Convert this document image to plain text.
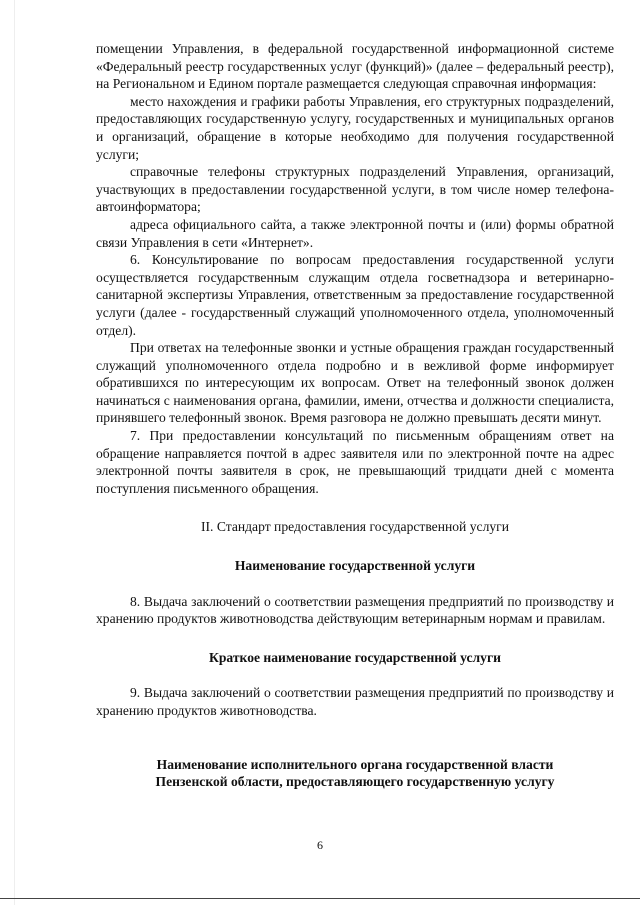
помещении Управления, в федеральной государственной информационной системе «Федеральный реестр государственных услуг (функций)» (далее – федеральный реестр), на Региональном и Едином портале размещается следующая справочная информация:

место нахождения и графики работы Управления, его структурных подразделений, предоставляющих государственную услугу, государственных и муниципальных органов и организаций, обращение в которые необходимо для получения государственной услуги;

справочные телефоны структурных подразделений Управления, организаций, участвующих в предоставлении государственной услуги, в том числе номер телефона-автоинформатора;

адреса официального сайта, а также электронной почты и (или) формы обратной связи Управления в сети «Интернет».

6. Консультирование по вопросам предоставления государственной услуги осуществляется государственным служащим отдела госветнадзора и ветеринарно-санитарной экспертизы Управления, ответственным за предоставление государственной услуги (далее - государственный служащий уполномоченного отдела, уполномоченный отдел).

При ответах на телефонные звонки и устные обращения граждан государственный служащий уполномоченного отдела подробно и в вежливой форме информирует обратившихся по интересующим их вопросам. Ответ на телефонный звонок должен начинаться с наименования органа, фамилии, имени, отчества и должности специалиста, принявшего телефонный звонок. Время разговора не должно превышать десяти минут.

7. При предоставлении консультаций по письменным обращениям ответ на обращение направляется почтой в адрес заявителя или по электронной почте на адрес электронной почты заявителя в срок, не превышающий тридцати дней с момента поступления письменного обращения.

II. Стандарт предоставления государственной услуги

Наименование государственной услуги

8. Выдача заключений о соответствии размещения предприятий по производству и хранению продуктов животноводства действующим ветеринарным нормам и правилам.

Краткое наименование государственной услуги

9. Выдача заключений о соответствии размещения предприятий по производству и хранению продуктов животноводства.

Наименование исполнительного органа государственной власти

Пензенской области, предоставляющего государственную услугу

6
